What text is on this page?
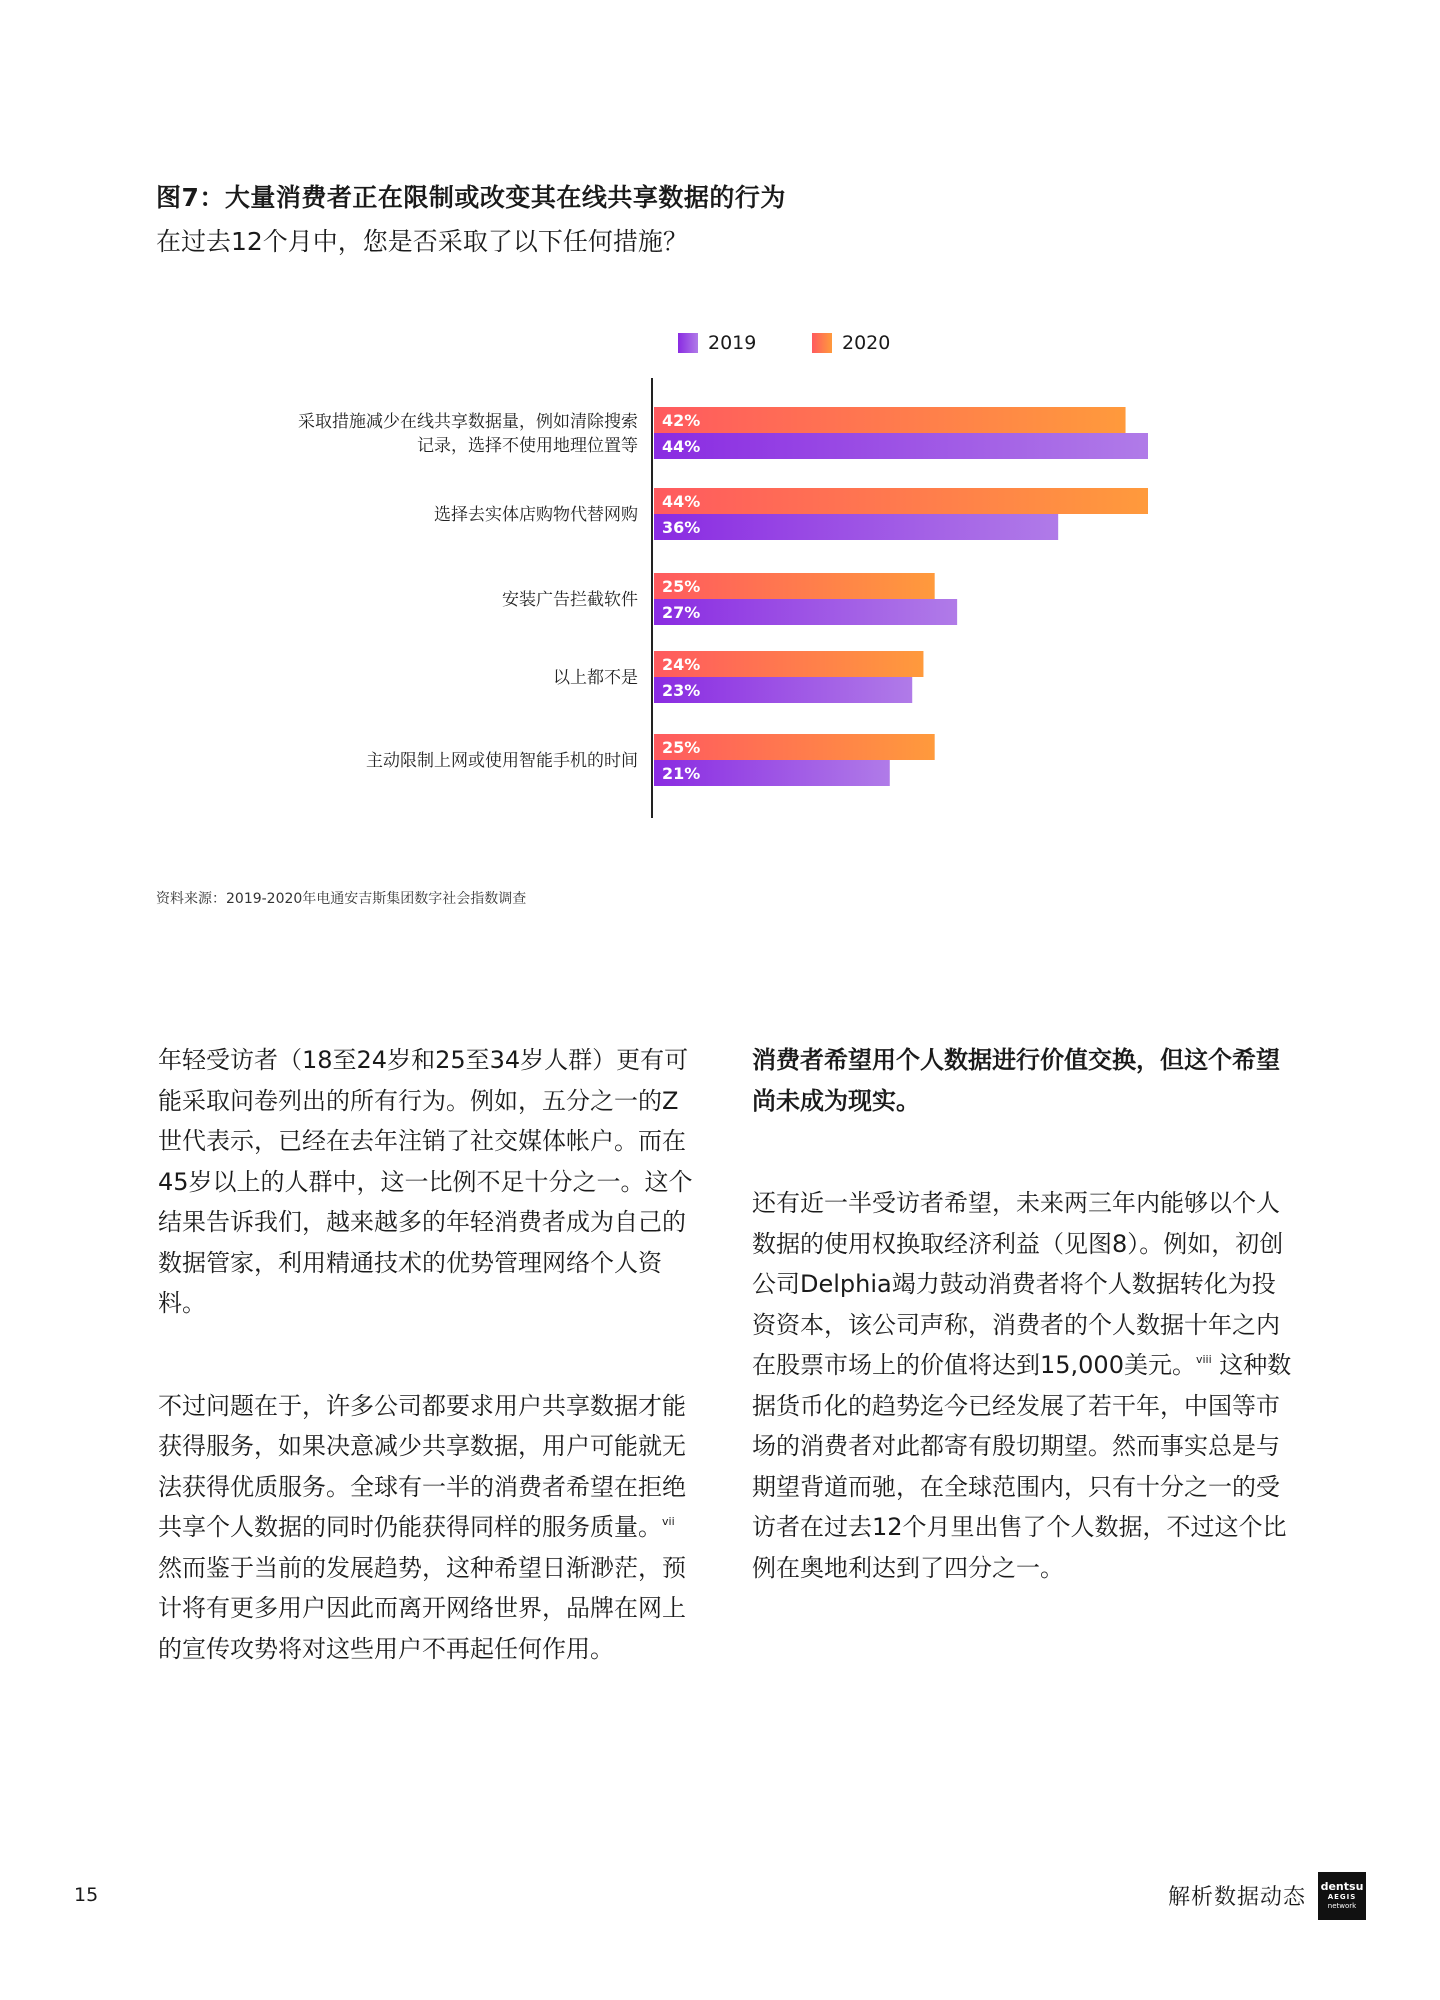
图7：大量消费者正在限制或改变其在线共享数据的行为
在过去12个月中，您是否采取了以下任何措施？
2019	2020
42%
44%
采取措施减少在线共享数据量，例如清除搜索记录，选择不使用地理位置等
44%
36%
选择去实体店购物代替网购
25%
27%
安装广告拦截软件
24%
23%
以上都不是
25%
21%
主动限制上网或使用智能手机的时间
资料来源：2019-2020年电通安吉斯集团数字社会指数调查

年轻受访者（18至24岁和25至34岁人群）更有可能采取问卷列出的所有行为。例如，五分之一的Z世代表示，已经在去年注销了社交媒体帐户。而在45岁以上的人群中，这一比例不足十分之一。这个结果告诉我们，越来越多的年轻消费者成为自己的数据管家，利用精通技术的优势管理网络个人资料。

不过问题在于，许多公司都要求用户共享数据才能获得服务，如果决意减少共享数据，用户可能就无法获得优质服务。全球有一半的消费者希望在拒绝共享个人数据的同时仍能获得同样的服务质量。$^{vii}$ 然而鉴于当前的发展趋势，这种希望日渐渺茫，预计将有更多用户因此而离开网络世界，品牌在网上的宣传攻势将对这些用户不再起任何作用。

消费者希望用个人数据进行价值交换，但这个希望尚未成为现实。

还有近一半受访者希望，未来两三年内能够以个人数据的使用权换取经济利益（见图8）。例如，初创公司Delphia竭力鼓动消费者将个人数据转化为投资资本，该公司声称，消费者的个人数据十年之内在股票市场上的价值将达到15,000美元。$^{viii}$ 这种数据货币化的趋势迄今已经发展了若干年，中国等市场的消费者对此都寄有殷切期望。然而事实总是与期望背道而驰，在全球范围内，只有十分之一的受访者在过去12个月里出售了个人数据，不过这个比例在奥地利达到了四分之一。

15	解析数据动态 dentsu
AEGIS
network
